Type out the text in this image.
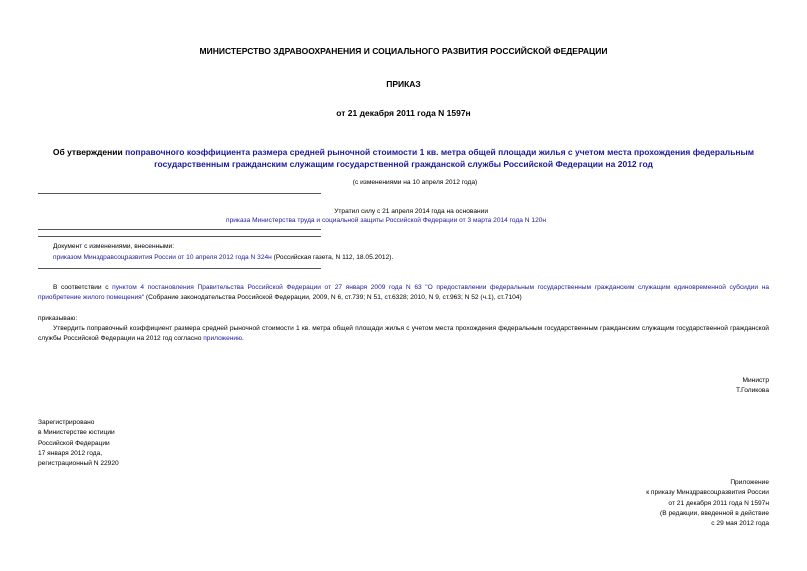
МИНИСТЕРСТВО ЗДРАВООХРАНЕНИЯ И СОЦИАЛЬНОГО РАЗВИТИЯ РОССИЙСКОЙ ФЕДЕРАЦИИ
ПРИКАЗ
от 21 декабря 2011 года N 1597н
Об утверждении поправочного коэффициента размера средней рыночной стоимости 1 кв. метра общей площади жилья с учетом места прохождения федеральным государственным гражданским служащим государственной гражданской службы Российской Федерации на 2012 год
(с изменениями на 10 апреля 2012 года)
Утратил силу с 21 апреля 2014 года на основании
приказа Министерства труда и социальной защиты Российской Федерации от 3 марта 2014 года N 120н
Документ с изменениями, внесенными:
приказом Минздравсоцразвития России от 10 апреля 2012 года N 324н (Российская газета, N 112, 18.05.2012).
В соответствии с пунктом 4 постановления Правительства Российской Федерации от 27 января 2009 года N 63 "О предоставлении федеральным государственным гражданским служащим единовременной субсидии на приобретение жилого помещения" (Собрание законодательства Российской Федерации, 2009, N 6, ст.739; N 51, ст.6328; 2010, N 9, ст.963; N 52 (ч.1), ст.7104)
приказываю:
Утвердить поправочный коэффициент размера средней рыночной стоимости 1 кв. метра общей площади жилья с учетом места прохождения федеральным государственным гражданским служащим государственной гражданской службы Российской Федерации на 2012 год согласно приложению.
Министр
Т.Голикова
Зарегистрировано
в Министерстве юстиции
Российской Федерации
17 января 2012 года,
регистрационный N 22920
Приложение
к приказу Минздравсоцразвития России
от 21 декабря 2011 года N 1597н
(В редакции, введенной в действие
с 29 мая 2012 года
